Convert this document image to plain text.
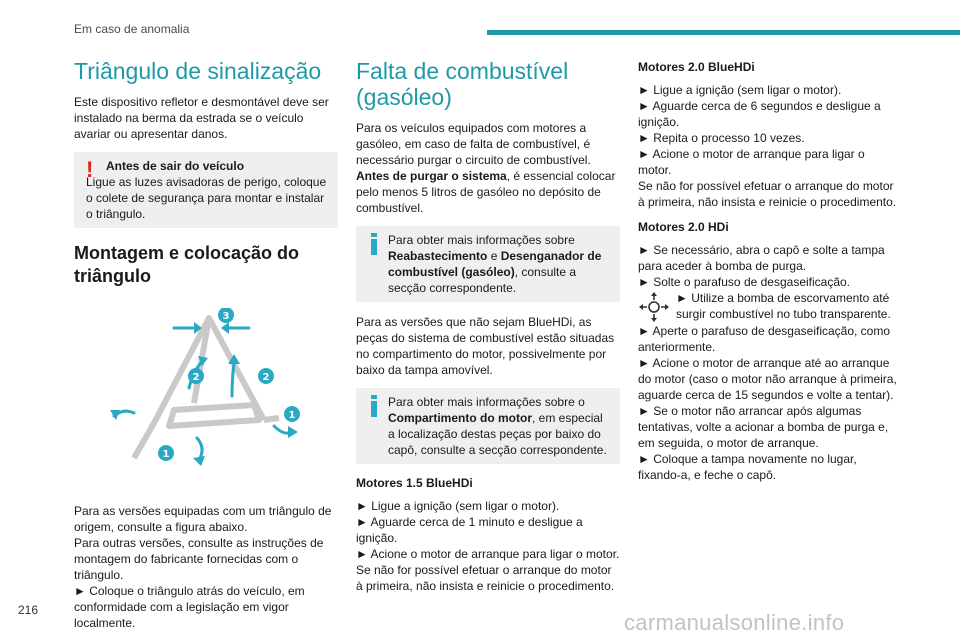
Em caso de anomalia
Triângulo de sinalização

Este dispositivo refletor e desmontável deve ser instalado na berma da estrada se o veículo avariar ou apresentar danos.

! Antes de sair do veículo
Ligue as luzes avisadoras de perigo, coloque o colete de segurança para montar e instalar o triângulo.
Montagem e colocação do triângulo
3
2	2
1
1

Para as versões equipadas com um triângulo de origem, consulte a figura abaixo.

Para outras versões, consulte as instruções de montagem do fabricante fornecidas com o triângulo.

► Coloque o triângulo atrás do veículo, em conformidade com a legislação em vigor localmente.

Falta de combustível (gasóleo)

Para os veículos equipados com motores a gasóleo, em caso de falta de combustível, é necessário purgar o circuito de combustível. Antes de purgar o sistema, é essencial colocar pelo menos 5 litros de gasóleo no depósito de combustível.

Para obter mais informações sobre Reabastecimento e Desenganador de combustível (gasóleo), consulte a secção correspondente.

Para as versões que não sejam BlueHDi, as peças do sistema de combustível estão situadas no compartimento do motor, possivelmente por baixo da tampa amovível.

Para obter mais informações sobre o Compartimento do motor, em especial a localização destas peças por baixo do capô, consulte a secção correspondente.
Motores 1.5 BlueHDi

► Ligue a ignição (sem ligar o motor).

► Aguarde cerca de 1 minuto e desligue a ignição.

► Acione o motor de arranque para ligar o motor.

Se não for possível efetuar o arranque do motor à primeira, não insista e reinicie o procedimento.

Motores 2.0 BlueHDi

► Ligue a ignição (sem ligar o motor).

► Aguarde cerca de 6 segundos e desligue a ignição.

► Repita o processo 10 vezes.

► Acione o motor de arranque para ligar o motor.

Se não for possível efetuar o arranque do motor à primeira, não insista e reinicie o procedimento.

Motores 2.0 HDi

► Se necessário, abra o capô e solte a tampa para aceder à bomba de purga.

► Solte o parafuso de desgaseificação.

► Utilize a bomba de escorvamento até surgir combustível no tubo transparente.

► Aperte o parafuso de desgaseificação, como anteriormente.

► Acione o motor de arranque até ao arranque do motor (caso o motor não arranque à primeira, aguarde cerca de 15 segundos e volte a tentar).

► Se o motor não arrancar após algumas tentativas, volte a acionar a bomba de purga e, em seguida, o motor de arranque.

► Coloque a tampa novamente no lugar, fixando-a, e feche o capô.

216	carmanualsonline.info
